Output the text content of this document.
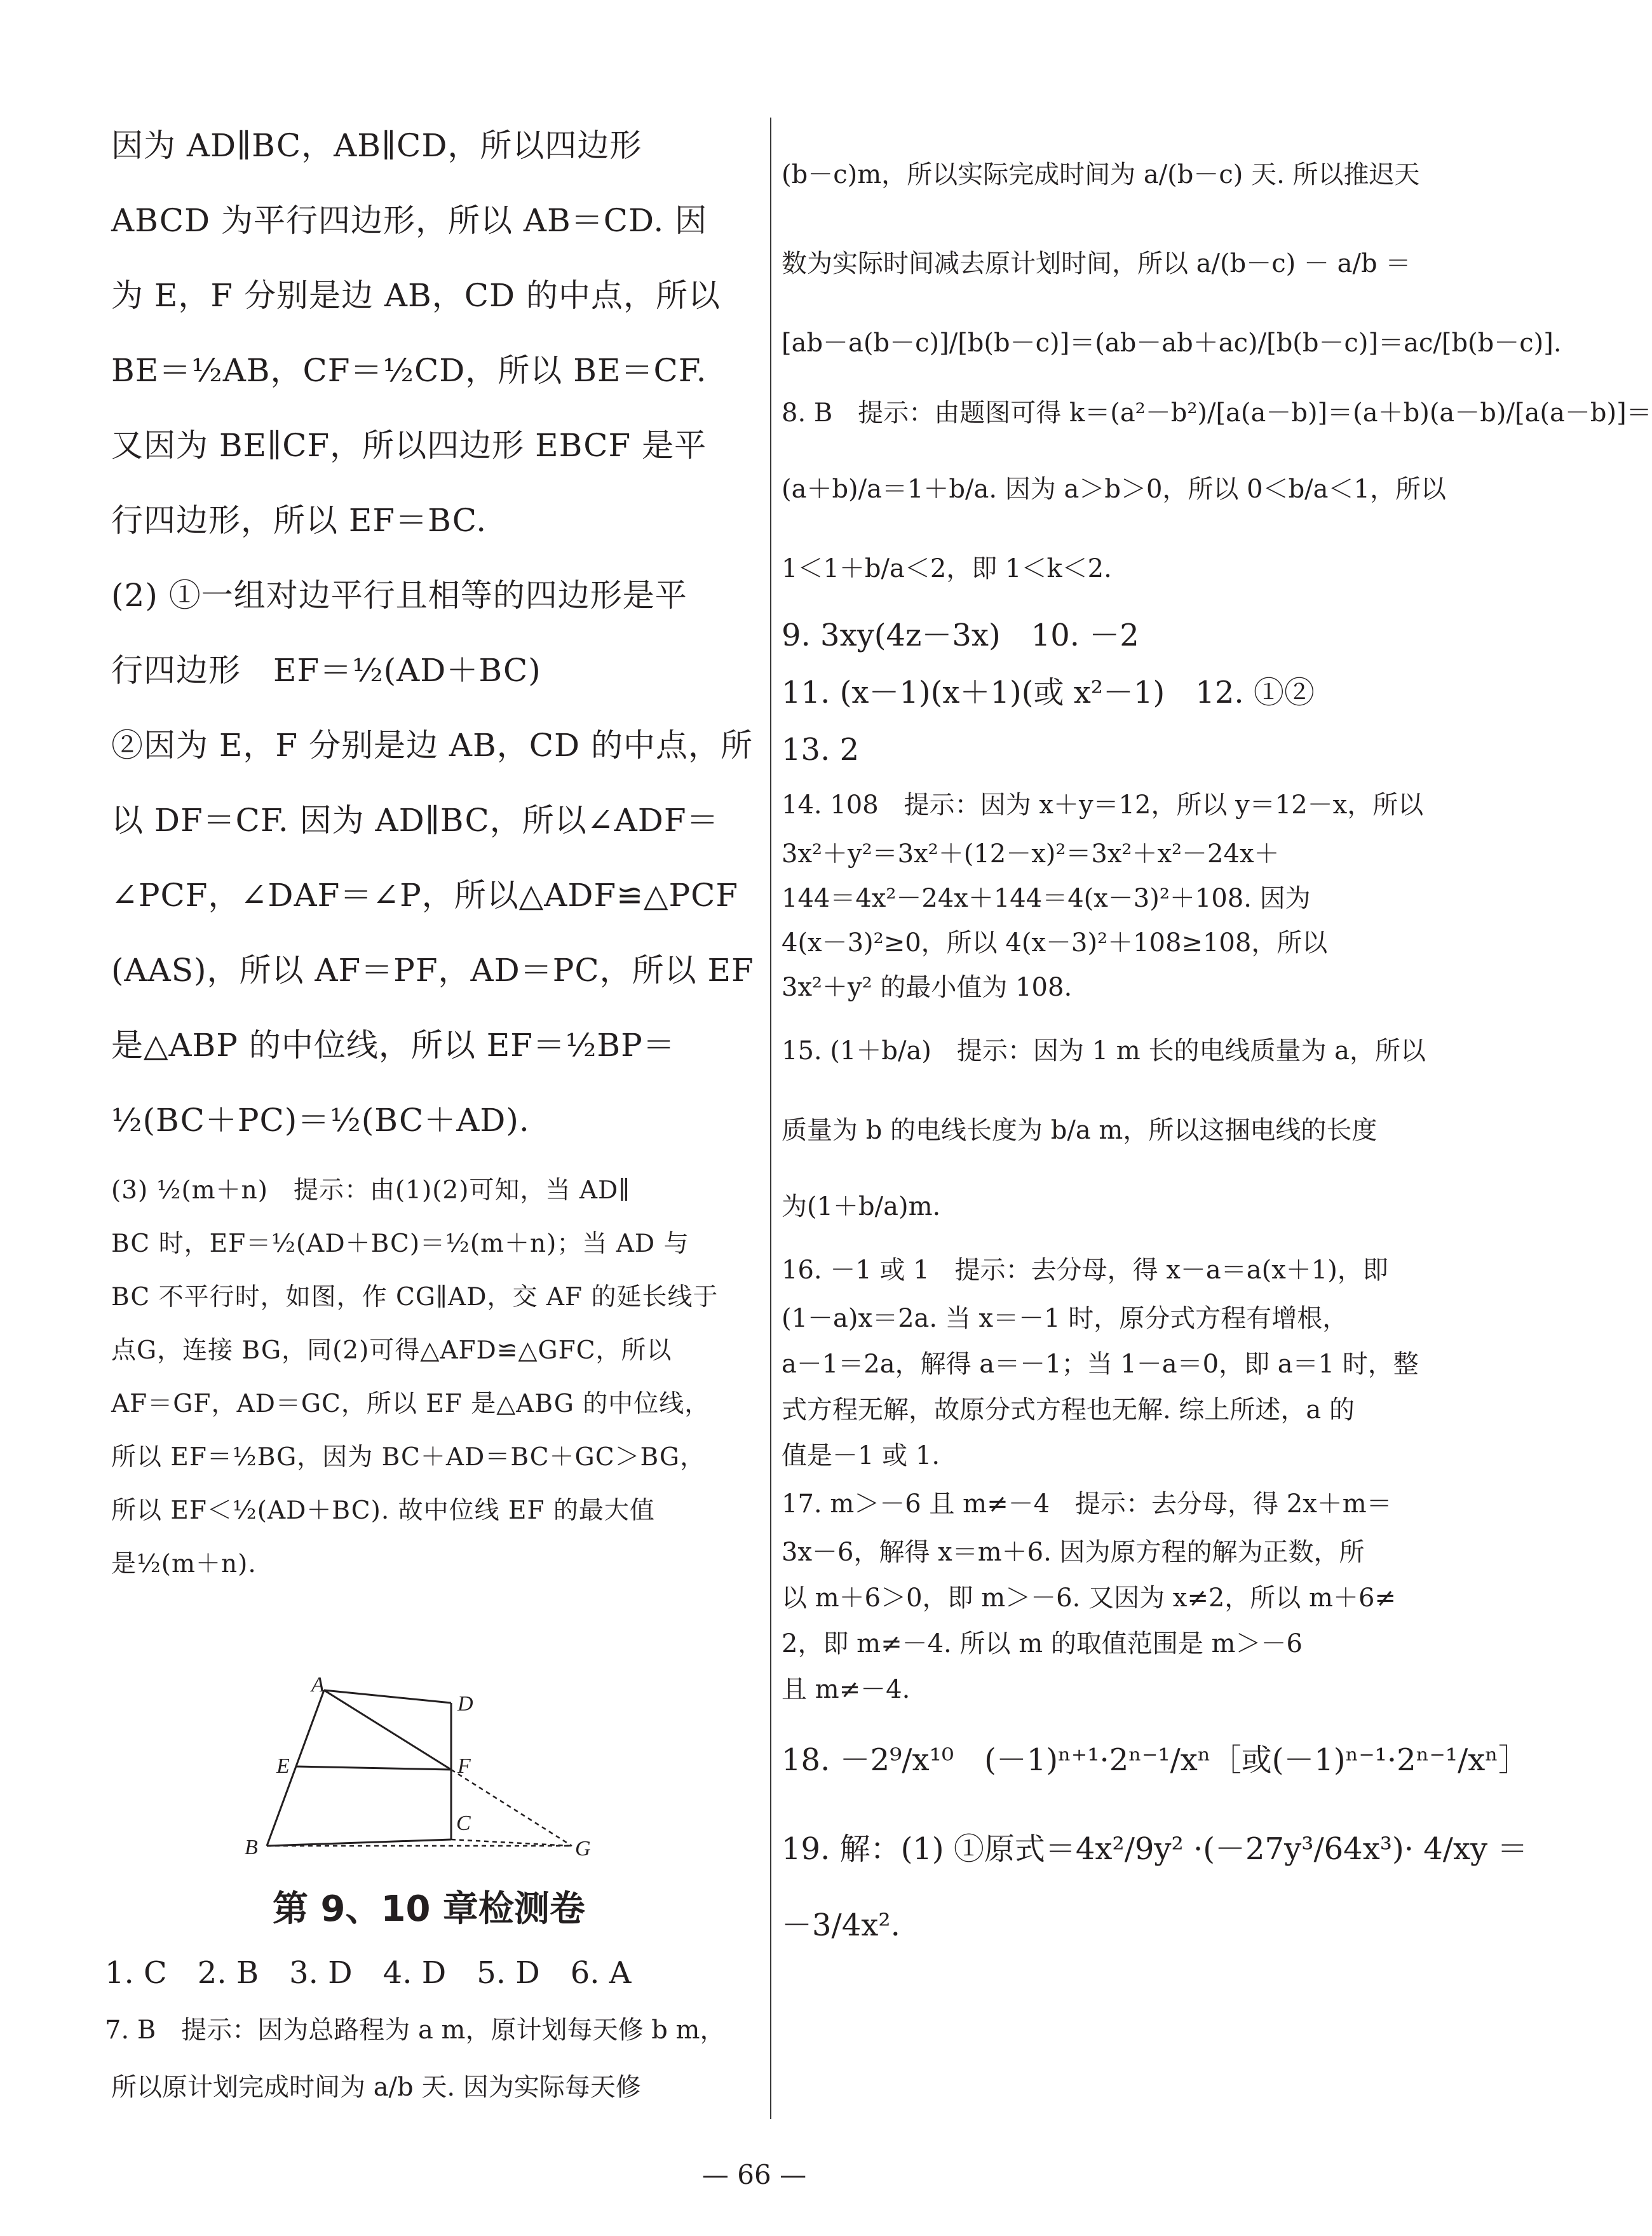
因为 AD∥BC，AB∥CD，所以四边形

ABCD 为平行四边形，所以 AB＝CD. 因

为 E，F 分别是边 AB，CD 的中点，所以

BE＝½AB，CF＝½CD，所以 BE＝CF.

又因为 BE∥CF，所以四边形 EBCF 是平

行四边形，所以 EF＝BC.

(2) ①一组对边平行且相等的四边形是平

行四边形　EF＝½(AD＋BC)

②因为 E，F 分别是边 AB，CD 的中点，所

以 DF＝CF. 因为 AD∥BC，所以∠ADF＝

∠PCF，∠DAF＝∠P，所以△ADF≌△PCF

(AAS)，所以 AF＝PF，AD＝PC，所以 EF

是△ABP 的中位线，所以 EF＝½BP＝

½(BC＋PC)＝½(BC＋AD).

(3) ½(m＋n)　提示：由(1)(2)可知，当 AD∥

BC 时，EF＝½(AD＋BC)＝½(m＋n)；当 AD 与

BC 不平行时，如图，作 CG∥AD，交 AF 的延长线于

点G，连接 BG，同(2)可得△AFD≌△GFC，所以

AF＝GF，AD＝GC，所以 EF 是△ABG 的中位线，

所以 EF＝½BG，因为 BC＋AD＝BC＋GC＞BG，

所以 EF＜½(AD＋BC). 故中位线 EF 的最大值

是½(m＋n).

A
D
E	F
C
B	G
第 9、10 章检测卷

1. C　2. B　3. D　4. D　5. D　6. A

7. B　提示：因为总路程为 a m，原计划每天修 b m，

所以原计划完成时间为 a/b 天. 因为实际每天修

(b－c)m，所以实际完成时间为 a/(b－c) 天. 所以推迟天

数为实际时间减去原计划时间，所以 a/(b－c) － a/b ＝

[ab－a(b－c)]/[b(b－c)]＝(ab－ab＋ac)/[b(b－c)]＝ac/[b(b－c)].

8. B　提示：由题图可得 k＝(a²－b²)/[a(a－b)]＝(a＋b)(a－b)/[a(a－b)]＝

(a＋b)/a＝1＋b/a. 因为 a＞b＞0，所以 0＜b/a＜1，所以

1＜1＋b/a＜2，即 1＜k＜2.

9. 3xy(4z－3x)　10. －2

11. (x－1)(x＋1)(或 x²－1)　12. ①②

13. 2

14. 108　提示：因为 x＋y＝12，所以 y＝12－x，所以

3x²＋y²＝3x²＋(12－x)²＝3x²＋x²－24x＋

144＝4x²－24x＋144＝4(x－3)²＋108. 因为

4(x－3)²≥0，所以 4(x－3)²＋108≥108，所以

3x²＋y² 的最小值为 108.

15. (1＋b/a)　提示：因为 1 m 长的电线质量为 a，所以

质量为 b 的电线长度为 b/a m，所以这捆电线的长度

为(1＋b/a)m.

16. －1 或 1　提示：去分母，得 x－a＝a(x＋1)，即

(1－a)x＝2a. 当 x＝－1 时，原分式方程有增根，

a－1＝2a，解得 a＝－1；当 1－a＝0，即 a＝1 时，整

式方程无解，故原分式方程也无解. 综上所述，a 的

值是－1 或 1.

17. m＞－6 且 m≠－4　提示：去分母，得 2x＋m＝

3x－6，解得 x＝m＋6. 因为原方程的解为正数，所

以 m＋6＞0，即 m＞－6. 又因为 x≠2，所以 m＋6≠

2，即 m≠－4. 所以 m 的取值范围是 m＞－6

且 m≠－4.

18. －2⁹/x¹⁰　(－1)ⁿ⁺¹·2ⁿ⁻¹/xⁿ［或(－1)ⁿ⁻¹·2ⁿ⁻¹/xⁿ］

19. 解：(1) ①原式＝4x²/9y² ·(－27y³/64x³)· 4/xy ＝

－3/4x².

— 66 —
